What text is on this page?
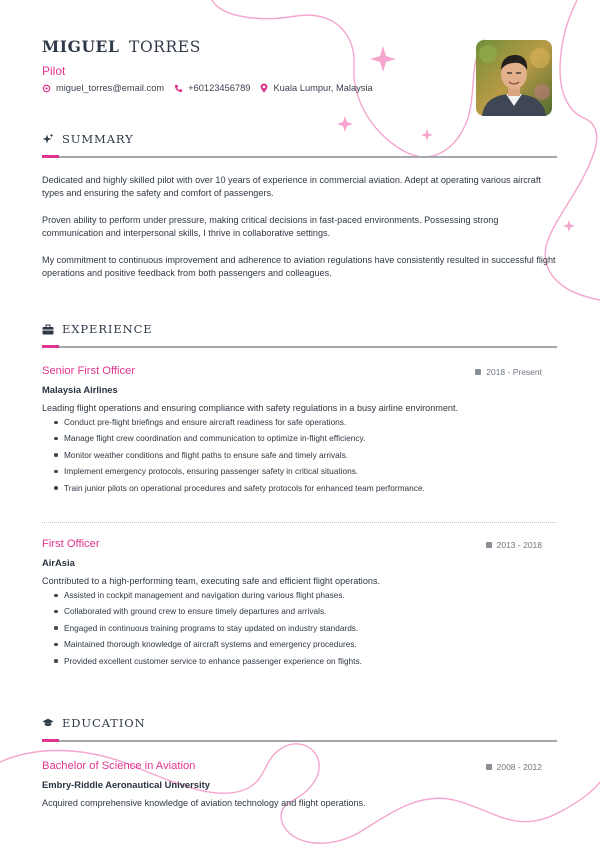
MIGUEL TORRES
Pilot
miguel_torres@email.com	+60123456789 Kuala Lumpur, Malaysia
SUMMARY
Dedicated and highly skilled pilot with over 10 years of experience in commercial aviation. Adept at operating various aircraft types and ensuring the safety and comfort of passengers.
Proven ability to perform under pressure, making critical decisions in fast-paced environments. Possessing strong communication and interpersonal skills, I thrive in collaborative settings.
My commitment to continuous improvement and adherence to aviation regulations have consistently resulted in successful flight operations and positive feedback from both passengers and colleagues.
EXPERIENCE
Senior First Officer	2018 - Present
Malaysia Airlines
Leading flight operations and ensuring compliance with safety regulations in a busy airline environment.
Conduct pre-flight briefings and ensure aircraft readiness for safe operations.
Manage flight crew coordination and communication to optimize in-flight efficiency.
Monitor weather conditions and flight paths to ensure safe and timely arrivals.
Implement emergency protocols, ensuring passenger safety in critical situations.
Train junior pilots on operational procedures and safety protocols for enhanced team performance.
First Officer	2013 - 2018
AirAsia
Contributed to a high-performing team, executing safe and efficient flight operations.
Assisted in cockpit management and navigation during various flight phases.
Collaborated with ground crew to ensure timely departures and arrivals.
Engaged in continuous training programs to stay updated on industry standards.
Maintained thorough knowledge of aircraft systems and emergency procedures.
Provided excellent customer service to enhance passenger experience on flights.
EDUCATION
Bachelor of Science in Aviation	2008 - 2012
Embry-Riddle Aeronautical University
Acquired comprehensive knowledge of aviation technology and flight operations.
